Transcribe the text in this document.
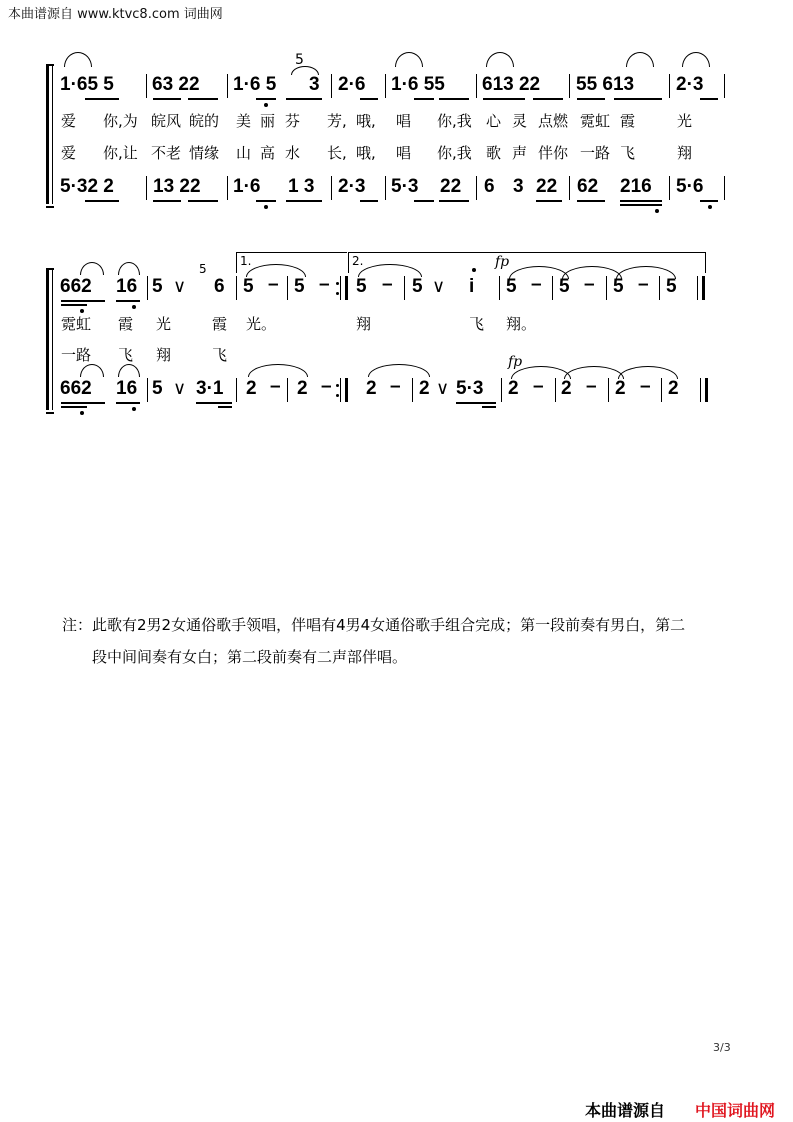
本曲谱源自 www.ktvc8.com 词曲网
1·65 5 63 22 1·6 5
5
3 2·6 1·6 55 613 22 55 613 2·3
爱 你,为 皖风 皖的 美 丽 芬 芳, 哦, 唱 你,我 心 灵 点燃 霓虹 霞	光
爱 你,让 不老 情缘 山 高 水 长, 哦, 唱 你,我 歌 声 伴你 一路 飞	翔
5·32 2 13 22 1·6 1 3 2·3 5·3 22 6 3 22 62 216 5·6
1.	2.	fp
662 16 5 ∨
5
6 5 – 5 – 5 – 5 ∨ i 5 – 5 – 5 – 5
霓虹 霞 光	霞 光。	翔	飞 翔。
一路 飞 翔	飞	fp
662 16 5 ∨ 3·1 2 – 2 – 2 – 2 ∨ 5·3 2 – 2 – 2 – 2
注：此歌有2男2女通俗歌手领唱，伴唱有4男4女通俗歌手组合完成；第一段前奏有男白，第二
段中间间奏有女白；第二段前奏有二声部伴唱。
3/3
本曲谱源自 中国词曲网
